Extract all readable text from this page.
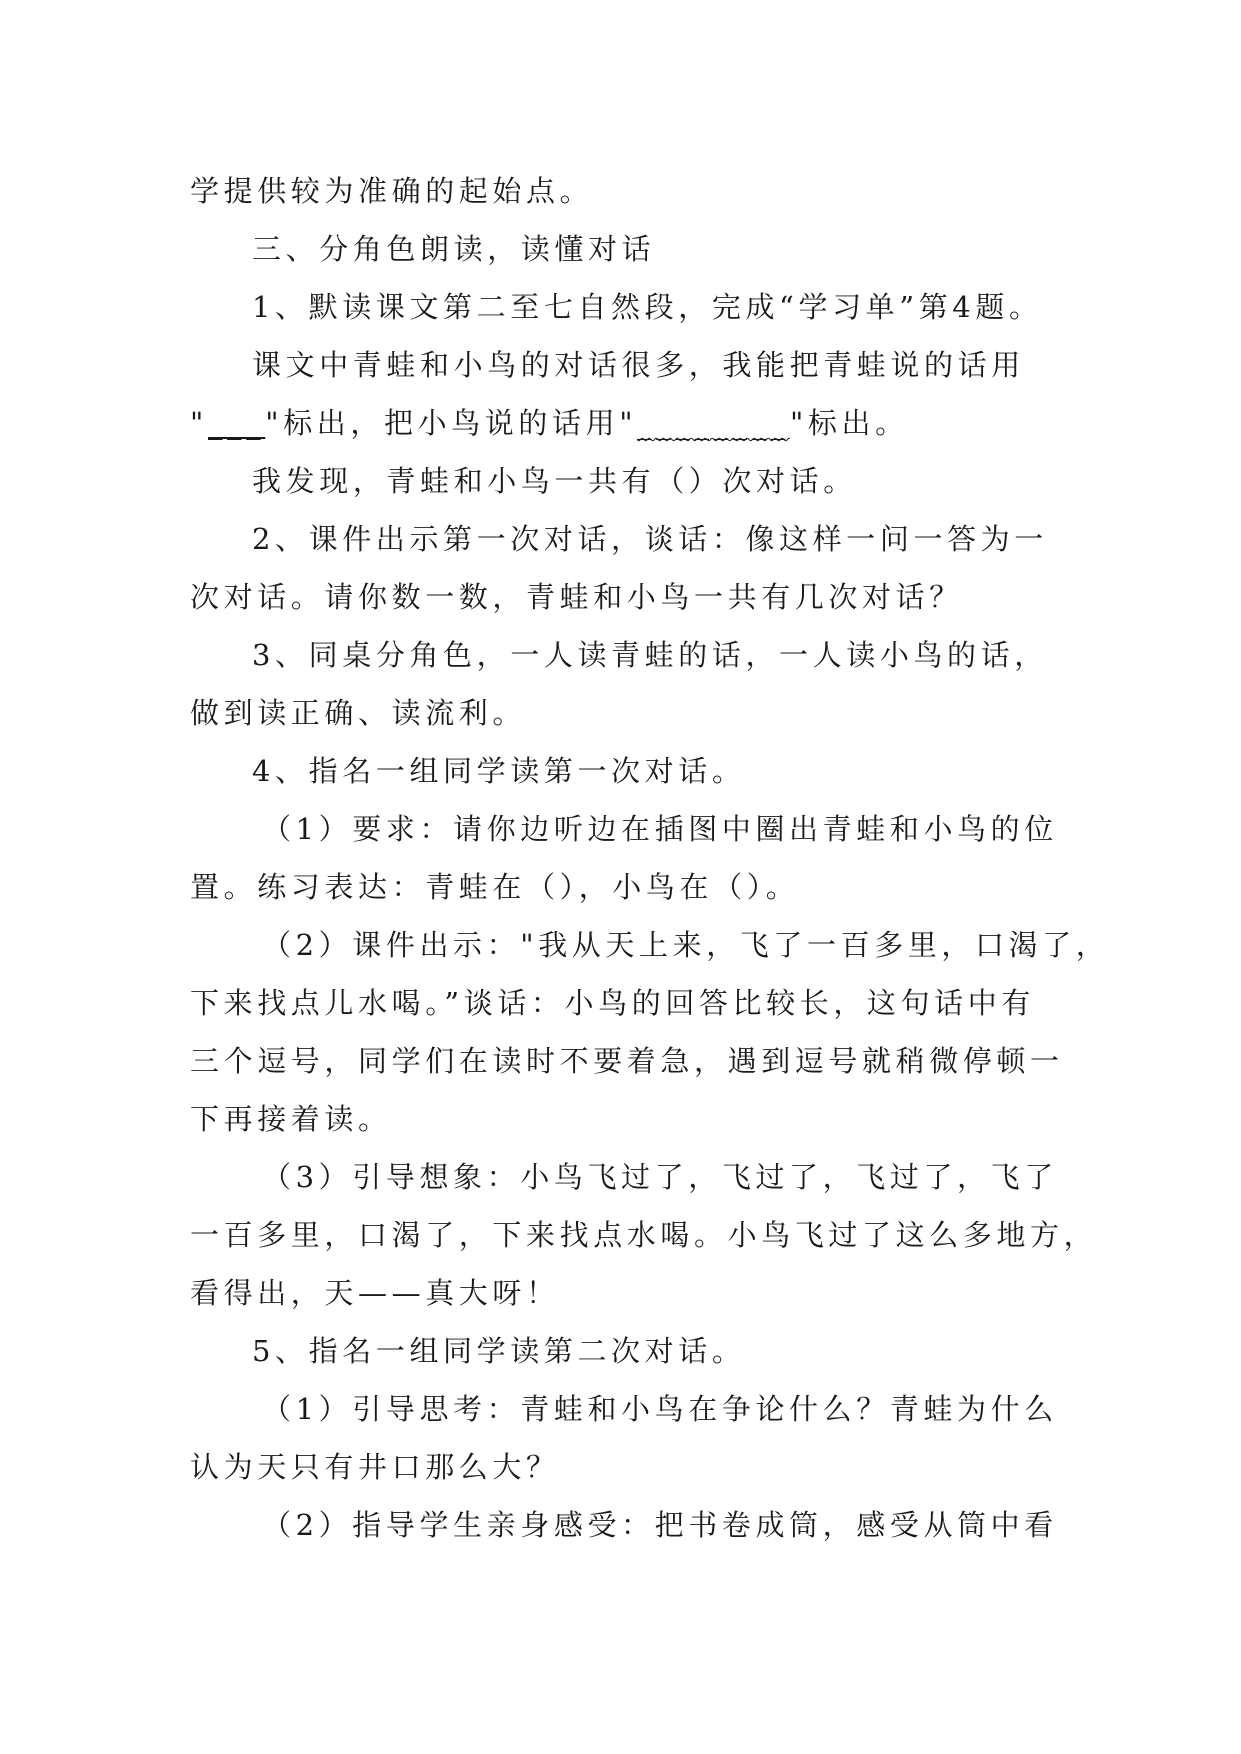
学提供较为准确的起始点。
三、分角色朗读，读懂对话
1、默读课文第二至七自然段，完成“学习单”第4题。
课文中青蛙和小鸟的对话很多，我能把青蛙说的话用
"___"标出，把小鸟说的话用"________"标出。
我发现，青蛙和小鸟一共有（）次对话。
2、课件出示第一次对话，谈话：像这样一问一答为一
次对话。请你数一数，青蛙和小鸟一共有几次对话？
3、同桌分角色，一人读青蛙的话，一人读小鸟的话，
做到读正确、读流利。
4、指名一组同学读第一次对话。
（1）要求：请你边听边在插图中圈出青蛙和小鸟的位
置。练习表达：青蛙在（），小鸟在（）。
（2）课件出示："我从天上来，飞了一百多里，口渴了，
下来找点儿水喝。”谈话：小鸟的回答比较长，这句话中有
三个逗号，同学们在读时不要着急，遇到逗号就稍微停顿一
下再接着读。
（3）引导想象：小鸟飞过了，飞过了，飞过了，飞了
一百多里，口渴了，下来找点水喝。小鸟飞过了这么多地方，
看得出，天——真大呀！
5、指名一组同学读第二次对话。
（1）引导思考：青蛙和小鸟在争论什么？青蛙为什么
认为天只有井口那么大？
（2）指导学生亲身感受：把书卷成筒，感受从筒中看
